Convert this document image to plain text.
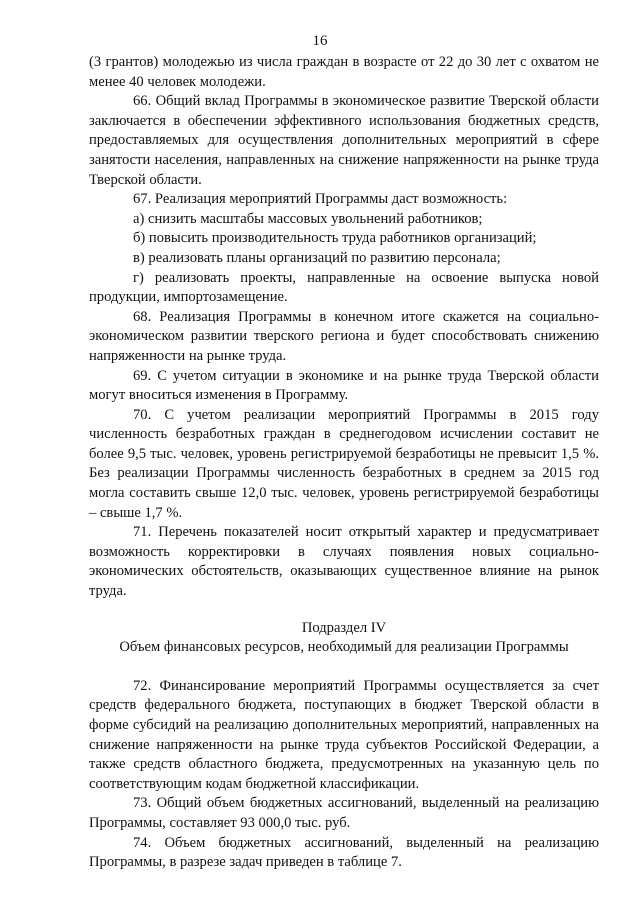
16

(3 грантов) молодежью из числа граждан в возрасте от 22 до 30 лет с охватом не менее 40 человек молодежи.

66. Общий вклад Программы в экономическое развитие Тверской области заключается в обеспечении эффективного использования бюджетных средств, предоставляемых для осуществления дополнительных мероприятий в сфере занятости населения, направленных на снижение напряженности на рынке труда Тверской области.

67. Реализация мероприятий Программы даст возможность:

а) снизить масштабы массовых увольнений работников;

б) повысить производительность труда работников организаций;

в) реализовать планы организаций по развитию персонала;

г) реализовать проекты, направленные на освоение выпуска новой продукции, импортозамещение.

68. Реализация Программы в конечном итоге скажется на социально-экономическом развитии тверского региона и будет способствовать снижению напряженности на рынке труда.

69. С учетом ситуации в экономике и на рынке труда Тверской области могут вноситься изменения в Программу.

70. С учетом реализации мероприятий Программы в 2015 году численность безработных граждан в среднегодовом исчислении составит не более 9,5 тыс. человек, уровень регистрируемой безработицы не превысит 1,5 %. Без реализации Программы численность безработных в среднем за 2015 год могла составить свыше 12,0 тыс. человек, уровень регистрируемой безработицы – свыше 1,7 %.

71. Перечень показателей носит открытый характер и предусматривает возможность корректировки в случаях появления новых социально-экономических обстоятельств, оказывающих существенное влияние на рынок труда.

Подраздел IV

Объем финансовых ресурсов, необходимый для реализации Программы

72. Финансирование мероприятий Программы осуществляется за счет средств федерального бюджета, поступающих в бюджет Тверской области в форме субсидий на реализацию дополнительных мероприятий, направленных на снижение напряженности на рынке труда субъектов Российской Федерации, а также средств областного бюджета, предусмотренных на указанную цель по соответствующим кодам бюджетной классификации.

73. Общий объем бюджетных ассигнований, выделенный на реализацию Программы, составляет 93 000,0 тыс. руб.

74. Объем бюджетных ассигнований, выделенный на реализацию Программы, в разрезе задач приведен в таблице 7.
